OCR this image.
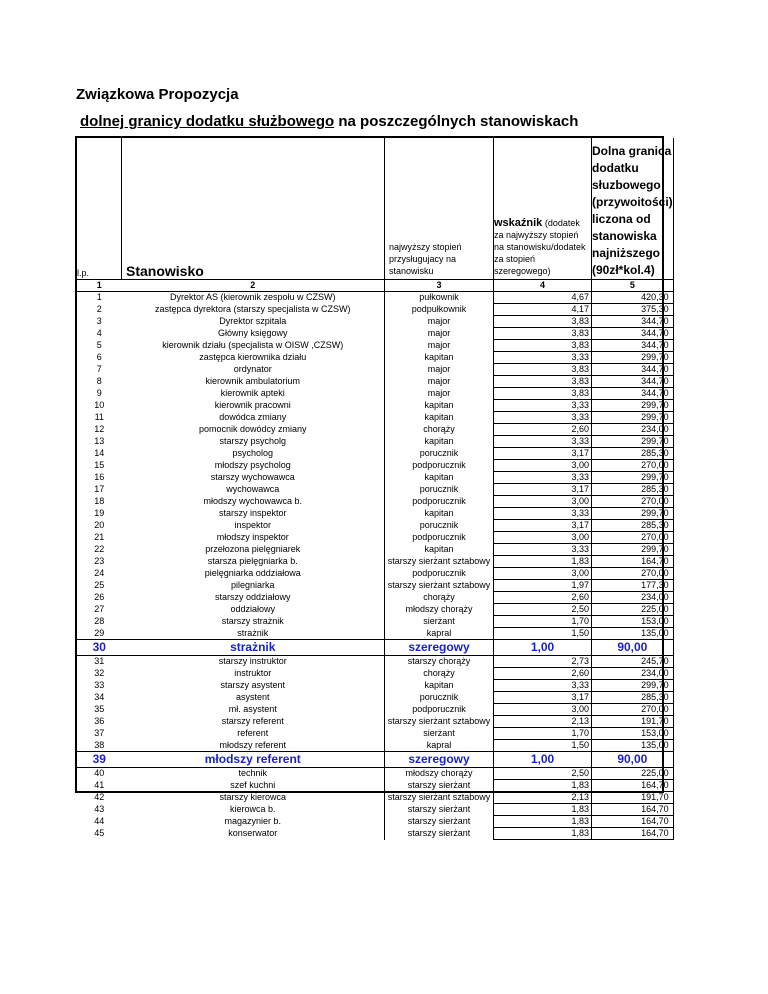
Związkowa Propozycja
dolnej granicy dodatku służbowego na poszczególnych stanowiskach
l.p.	Stanowisko	najwyższy stopień przysługujacy na stanowisku	wskaźnik (dodatek
za najwyższy stopień na stanowisku/dodatek za stopień szeregowego)	Dolna granica dodatku słuzbowego (przywoitości) liczona od stanowiska najniższego (90zł*kol.4)

1	2	3	4	5
1	Dyrektor AS (kierownik zespołu w CZSW)	pułkownik	4,67	420,30
2	zastępca dyrektora (starszy specjalista w CZSW)	podpułkownik	4,17	375,30
3	Dyrektor szpitala	major	3,83	344,70
4	Główny księgowy	major	3,83	344,70
5	kierownik działu (specjalista w OISW ,CZSW)	major	3,83	344,70
6	zastępca kierownika działu	kapitan	3,33	299,70
7	ordynator	major	3,83	344,70
8	kierownik ambulatorium	major	3,83	344,70
9	kierownik apteki	major	3,83	344,70
10	kierownik pracowni	kapitan	3,33	299,70
11	dowódca zmiany	kapitan	3,33	299,70
12	pomocnik dowódcy zmiany	chorąży	2,60	234,00
13	starszy psycholg	kapitan	3,33	299,70
14	psycholog	porucznik	3,17	285,30
15	młodszy psycholog	podporucznik	3,00	270,00
16	starszy wychowawca	kapitan	3,33	299,70
17	wychowawca	porucznik	3,17	285,30
18	młodszy wychowawca b.	podporucznik	3,00	270,00
19	starszy inspektor	kapitan	3,33	299,70
20	inspektor	porucznik	3,17	285,30
21	młodszy inspektor	podporucznik	3,00	270,00
22	przełozona pielęgniarek	kapitan	3,33	299,70
23	starsza pielęgniarka b.	starszy sierżant sztabowy	1,83	164,70
24	pielęgniarka oddziałowa	podporucznik	3,00	270,00
25	pilegniarka	starszy sierżant sztabowy	1,97	177,30
26	starszy oddziałowy	chorąży	2,60	234,00
27	oddziałowy	młodszy chorąży	2,50	225,00
28	starszy strażnik	sierżant	1,70	153,00
29	strażnik	kapral	1,50	135,00
30	strażnik	szeregowy	1,00	90,00
31	starszy instruktor	starszy chorąży	2,73	245,70
32	instruktor	chorąży	2,60	234,00
33	starszy asystent	kapitan	3,33	299,70
34	asystent	porucznik	3,17	285,30
35	mł. asystent	podporucznik	3,00	270,00
36	starszy referent	starszy sierżant sztabowy	2,13	191,70
37	referent	sierżant	1,70	153,00
38	młodszy referent	kapral	1,50	135,00
39	młodszy referent	szeregowy	1,00	90,00
40	technik	młodszy chorąży	2,50	225,00
41	szef kuchni	starszy sierżant	1,83	164,70
42	starszy kierowca	starszy sierżant sztabowy	2,13	191,70
43	kierowca b.	starszy sierżant	1,83	164,70
44	magazynier b.	starszy sierżant	1,83	164,70
45	konserwator	starszy sierżant	1,83	164,70
